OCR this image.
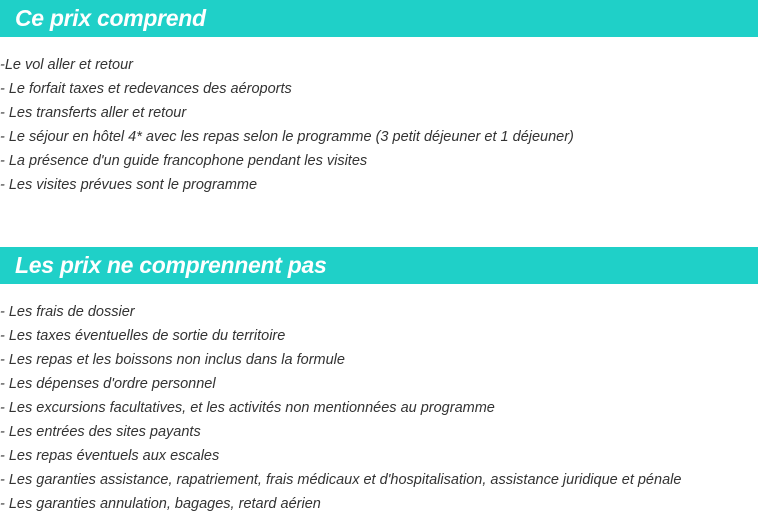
Ce prix comprend
-Le vol aller et retour
- Le forfait taxes et redevances des aéroports
- Les transferts aller et retour
- Le séjour en hôtel 4* avec les repas selon le programme (3 petit déjeuner et 1 déjeuner)
- La présence d'un guide francophone pendant les visites
- Les visites prévues sont le programme
Les prix ne comprennent pas
- Les frais de dossier
- Les taxes éventuelles de sortie du territoire
- Les repas et les boissons non inclus dans la formule
- Les dépenses d'ordre personnel
- Les excursions facultatives, et les activités non mentionnées au programme
- Les entrées des sites payants
- Les repas éventuels aux escales
- Les garanties assistance, rapatriement, frais médicaux et d'hospitalisation, assistance juridique et pénale
- Les garanties annulation, bagages, retard aérien
